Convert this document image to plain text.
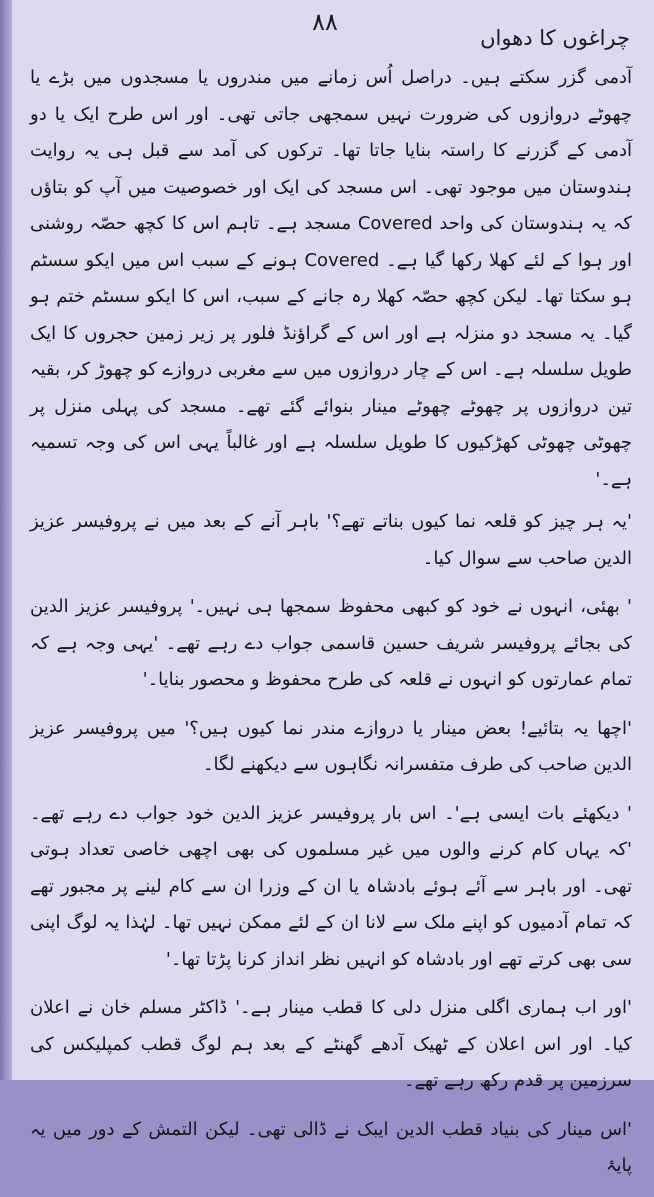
چراغوں کا دھواں
٨٨

آدمی گزر سکتے ہیں۔ دراصل اُس زمانے میں مندروں یا مسجدوں میں بڑے یا چھوٹے دروازوں کی ضرورت نہیں سمجھی جاتی تھی۔ اور اس طرح ایک یا دو آدمی کے گزرنے کا راستہ بنایا جاتا تھا۔ ترکوں کی آمد سے قبل ہی یہ روایت ہندوستان میں موجود تھی۔ اس مسجد کی ایک اور خصوصیت میں آپ کو بتاؤں کہ یہ ہندوستان کی واحد Covered مسجد ہے۔ تاہم اس کا کچھ حصّہ روشنی اور ہوا کے لئے کھلا رکھا گیا ہے۔ Covered ہونے کے سبب اس میں ایکو سسٹم ہو سکتا تھا۔ لیکن کچھ حصّہ کھلا رہ جانے کے سبب، اس کا ایکو سسٹم ختم ہو گیا۔ یہ مسجد دو منزلہ ہے اور اس کے گراؤنڈ فلور پر زیر زمین حجروں کا ایک طویل سلسلہ ہے۔ اس کے چار دروازوں میں سے مغربی دروازے کو چھوڑ کر، بقیہ تین دروازوں پر چھوٹے چھوٹے مینار بنوائے گئے تھے۔ مسجد کی پہلی منزل پر چھوٹی چھوٹی کھڑکیوں کا طویل سلسلہ ہے اور غالباً یہی اس کی وجہ تسمیہ ہے۔'

'یہ ہر چیز کو قلعہ نما کیوں بناتے تھے؟' باہر آنے کے بعد میں نے پروفیسر عزیز الدین صاحب سے سوال کیا۔

' بھئی، انہوں نے خود کو کبھی محفوظ سمجھا ہی نہیں۔' پروفیسر عزیز الدین کی بجائے پروفیسر شریف حسین قاسمی جواب دے رہے تھے۔ 'یہی وجہ ہے کہ تمام عمارتوں کو انہوں نے قلعہ کی طرح محفوظ و محصور بنایا۔'

'اچھا یہ بتائیے! بعض مینار یا دروازے مندر نما کیوں ہیں؟' میں پروفیسر عزیز الدین صاحب کی طرف متفسرانہ نگاہوں سے دیکھنے لگا۔

' دیکھئے بات ایسی ہے'۔ اس بار پروفیسر عزیز الدین خود جواب دے رہے تھے۔ 'کہ یہاں کام کرنے والوں میں غیر مسلموں کی بھی اچھی خاصی تعداد ہوتی تھی۔ اور باہر سے آئے ہوئے بادشاہ یا ان کے وزرا ان سے کام لینے پر مجبور تھے کہ تمام آدمیوں کو اپنے ملک سے لانا ان کے لئے ممکن نہیں تھا۔ لہٰذا یہ لوگ اپنی سی بھی کرتے تھے اور بادشاہ کو انہیں نظر انداز کرنا پڑتا تھا۔'

'اور اب ہماری اگلی منزل دلی کا قطب مینار ہے۔' ڈاکٹر مسلم خان نے اعلان کیا۔ اور اس اعلان کے ٹھیک آدھے گھنٹے کے بعد ہم لوگ قطب کمپلیکس کی سرزمین پر قدم رکھ رہے تھے۔

'اس مینار کی بنیاد قطب الدین ایبک نے ڈالی تھی۔ لیکن التمش کے دور میں یہ پایۂ
